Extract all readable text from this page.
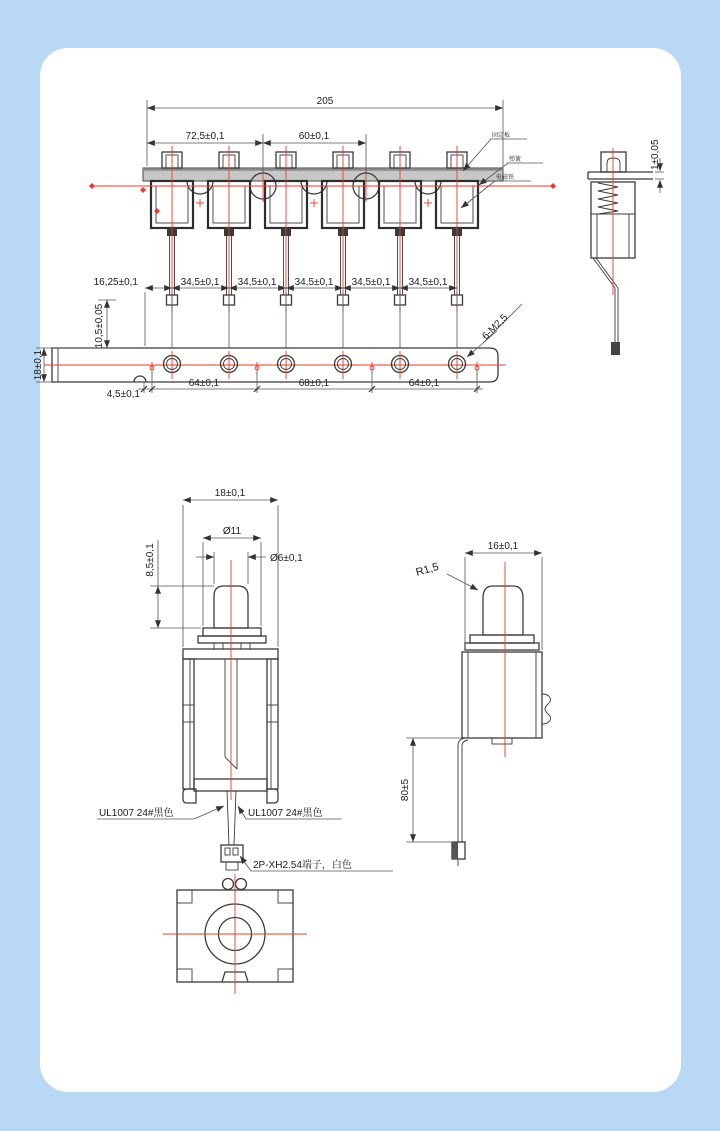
205
72,5±0,1	60±0,1	固定板
弹簧
电磁铁
1±0,05
16,25±0,1	34,5±0,1 34,5±0,1 34,5±0,1 34,5±0,1 34,5±0,1
10,5±0,05
18±0,1
4,5±0,1
64±0,1	68±0,1	64±0,1
6-M2,5
18±0,1
Ø11
Ø6±0,1
8,5±0,1
UL1007 24#黑色	UL1007 24#黑色
2P-XH2.54端子，白色
16±0,1
R1,5
80±5
